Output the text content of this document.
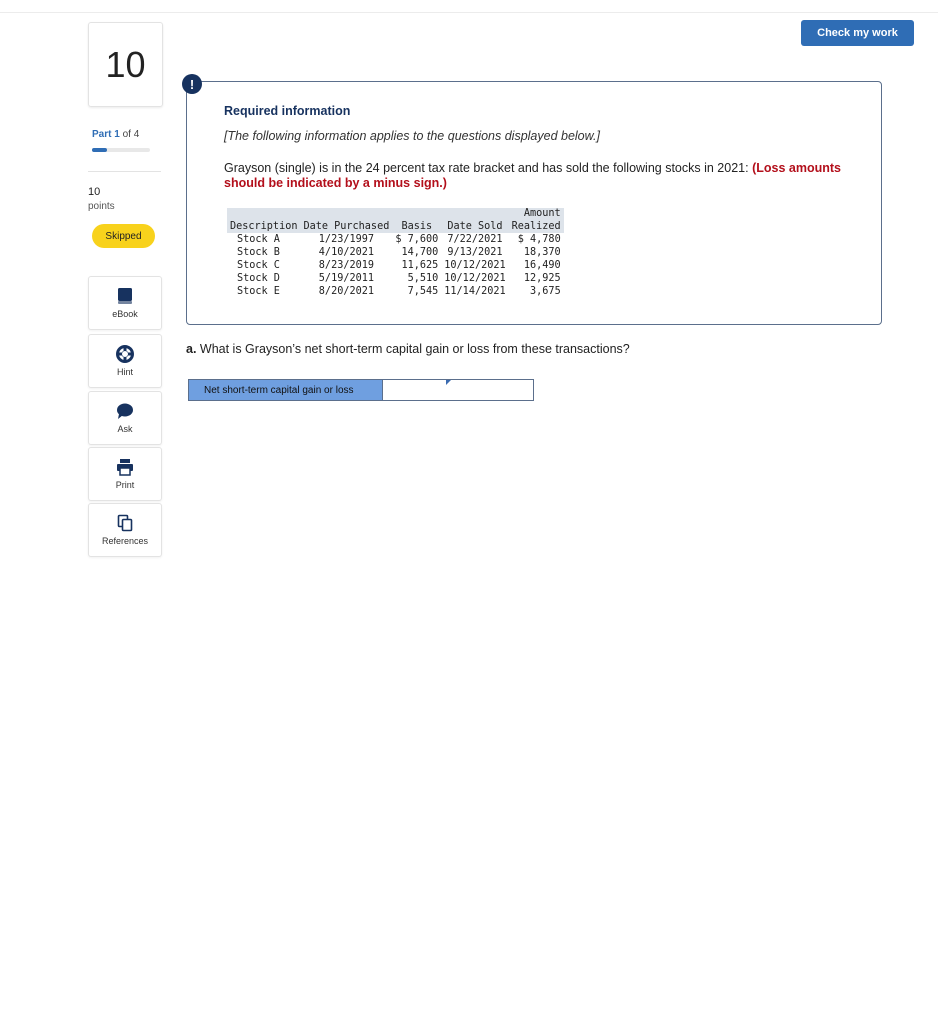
Check my work
10
Part 1 of 4
10
points
Skipped
eBook
Hint
Ask
Print
References
!
Required information
[The following information applies to the questions displayed below.]
Grayson (single) is in the 24 percent tax rate bracket and has sold the following stocks in 2021: (Loss amounts should be indicated by a minus sign.)
Description	Date Purchased	Basis	Date Sold	Amount
Realized
Stock A	1/23/1997	$ 7,600	7/22/2021	$ 4,780
Stock B	4/10/2021	14,700	9/13/2021	18,370
Stock C	8/23/2019	11,625	10/12/2021	16,490
Stock D	5/19/2011	5,510	10/12/2021	12,925
Stock E	8/20/2021	7,545	11/14/2021	3,675
a. What is Grayson’s net short-term capital gain or loss from these transactions?
Net short-term capital gain or loss
